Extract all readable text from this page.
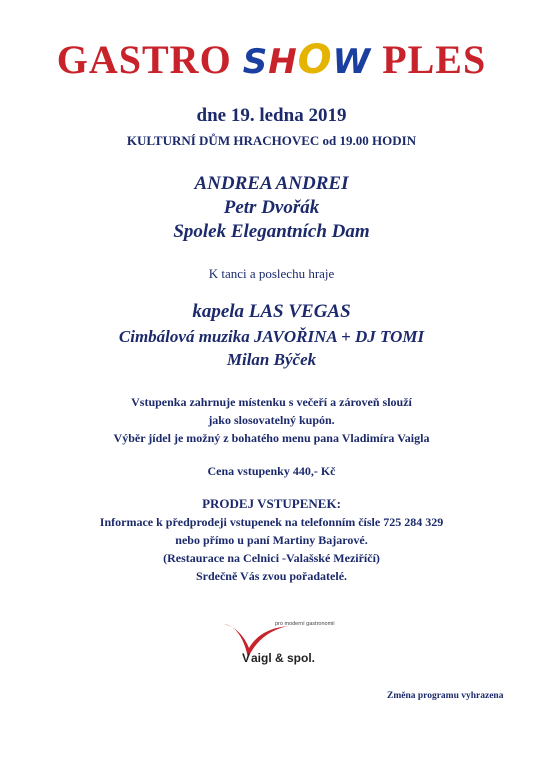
GASTRO SHOW PLES
dne 19. ledna 2019
KULTURNÍ DŮM HRACHOVEC od 19.00 HODIN
ANDREA ANDREI
Petr Dvořák
Spolek Elegantních Dam
K tanci a poslechu hraje
kapela LAS VEGAS
Cimbálová muzika JAVOŘINA + DJ TOMI
Milan Býček
Vstupenka zahrnuje místenku s večeří a zároveň slouží
jako slosovatelný kupón.
Výběr jídel je možný z bohatého menu pana Vladimíra Vaigla
Cena vstupenky 440,- Kč
PRODEJ VSTUPENEK:
Informace k předprodeji vstupenek na telefonním čísle 725 284 329
nebo přímo u paní Martiny Bajarové.
(Restaurace na Celnici -Valašské Meziříčí)
Srdečně Vás zvou pořadatelé.
pro moderní gastronomii
V aigl & spol.
Změna programu vyhrazena
